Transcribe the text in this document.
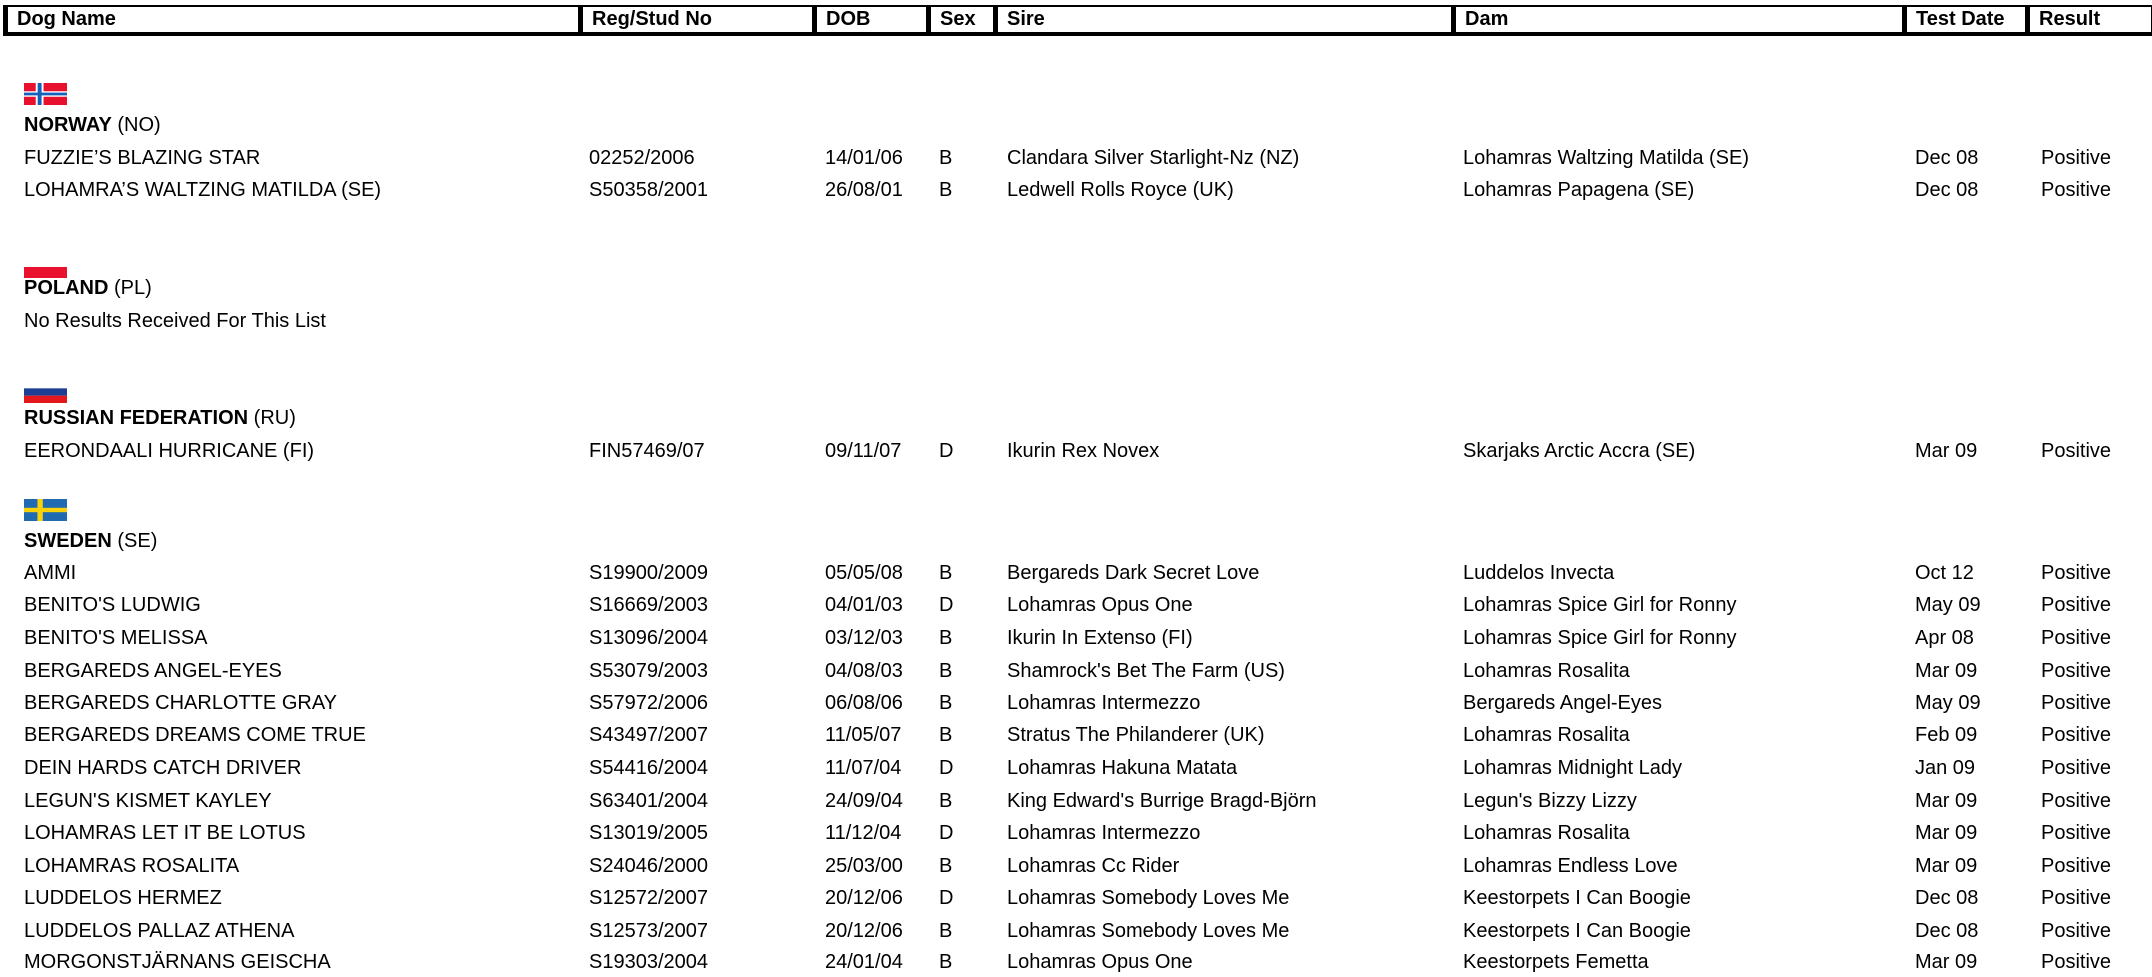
Dog Name	Reg/Stud No	DOB	Sex	Sire	Dam	Test Date	Result
NORWAY (NO)
FUZZIE’S BLAZING STAR	02252/2006	14/01/06 B	Clandara Silver Starlight-Nz (NZ)	Lohamras Waltzing Matilda (SE)	Dec 08	Positive
LOHAMRA’S WALTZING MATILDA (SE)	S50358/2001	26/08/01 B	Ledwell Rolls Royce (UK)	Lohamras Papagena (SE)	Dec 08	Positive
POLAND (PL)
No Results Received For This List
RUSSIAN FEDERATION (RU)
EERONDAALI HURRICANE (FI)	FIN57469/07	09/11/07 D	Ikurin Rex Novex	Skarjaks Arctic Accra (SE)	Mar 09	Positive
SWEDEN (SE)
AMMI	S19900/2009	05/05/08 B	Bergareds Dark Secret Love	Luddelos Invecta	Oct 12	Positive
BENITO'S LUDWIG	S16669/2003	04/01/03 D	Lohamras Opus One	Lohamras Spice Girl for Ronny	May 09	Positive
BENITO'S MELISSA	S13096/2004	03/12/03 B	Ikurin In Extenso (FI)	Lohamras Spice Girl for Ronny	Apr 08	Positive
BERGAREDS ANGEL-EYES	S53079/2003	04/08/03 B	Shamrock's Bet The Farm (US)	Lohamras Rosalita	Mar 09	Positive
BERGAREDS CHARLOTTE GRAY	S57972/2006	06/08/06 B	Lohamras Intermezzo	Bergareds Angel-Eyes	May 09	Positive
BERGAREDS DREAMS COME TRUE	S43497/2007	11/05/07 B	Stratus The Philanderer (UK)	Lohamras Rosalita	Feb 09	Positive
DEIN HARDS CATCH DRIVER	S54416/2004	11/07/04 D	Lohamras Hakuna Matata	Lohamras Midnight Lady	Jan 09	Positive
LEGUN'S KISMET KAYLEY	S63401/2004	24/09/04 B	King Edward's Burrige Bragd-Björn	Legun's Bizzy Lizzy	Mar 09	Positive
LOHAMRAS LET IT BE LOTUS	S13019/2005	11/12/04 D	Lohamras Intermezzo	Lohamras Rosalita	Mar 09	Positive
LOHAMRAS ROSALITA	S24046/2000	25/03/00 B	Lohamras Cc Rider	Lohamras Endless Love	Mar 09	Positive
LUDDELOS HERMEZ	S12572/2007	20/12/06 D	Lohamras Somebody Loves Me	Keestorpets I Can Boogie	Dec 08	Positive
LUDDELOS PALLAZ ATHENA	S12573/2007	20/12/06 B	Lohamras Somebody Loves Me	Keestorpets I Can Boogie	Dec 08	Positive
MORGONSTJÄRNANS GEISCHA	S19303/2004	24/01/04 B	Lohamras Opus One	Keestorpets Femetta	Mar 09	Positive
